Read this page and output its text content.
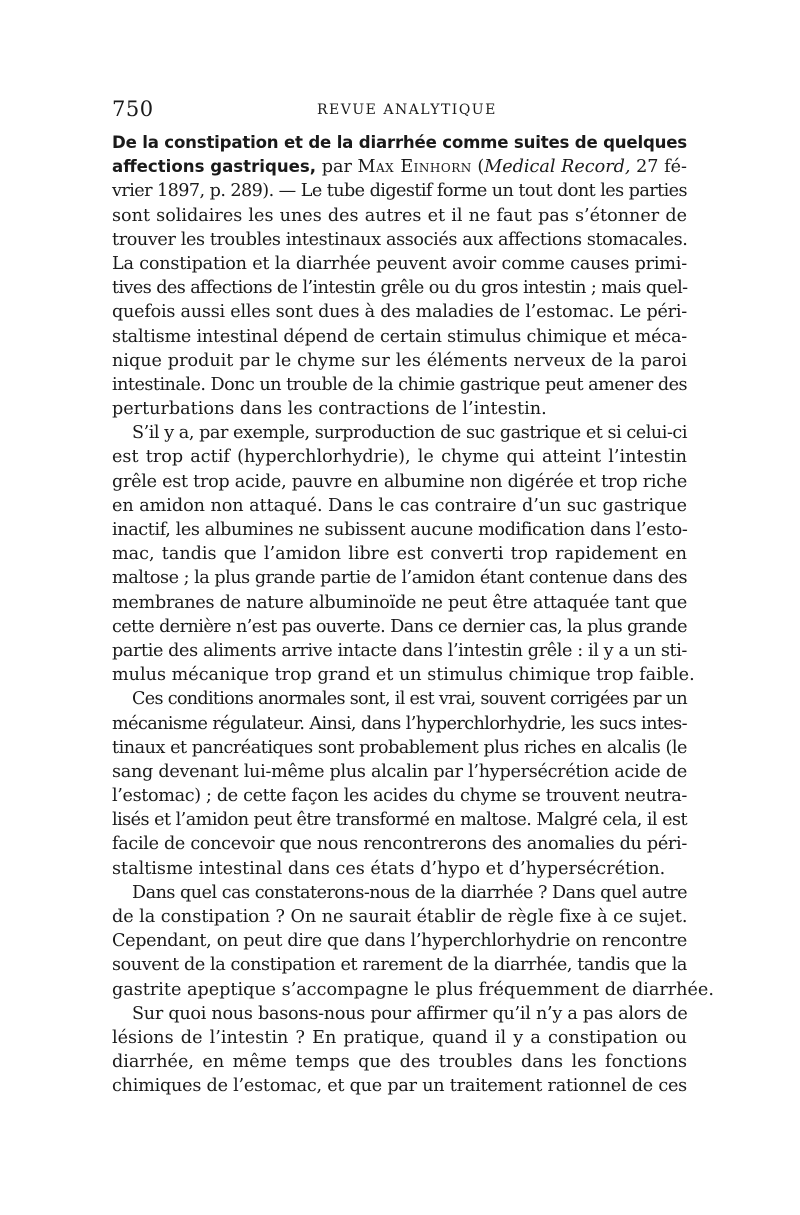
750	REVUE ANALYTIQUE
De la constipation et de la diarrhée comme suites de quelques
affections gastriques, par Max Einhorn (Medical Record, 27 fé-
vrier 1897, p. 289). — Le tube digestif forme un tout dont les parties
sont solidaires les unes des autres et il ne faut pas s’étonner de
trouver les troubles intestinaux associés aux affections stomacales.
La constipation et la diarrhée peuvent avoir comme causes primi-
tives des affections de l’intestin grêle ou du gros intestin ; mais quel-
quefois aussi elles sont dues à des maladies de l’estomac. Le péri-
staltisme intestinal dépend de certain stimulus chimique et méca-
nique produit par le chyme sur les éléments nerveux de la paroi
intestinale. Donc un trouble de la chimie gastrique peut amener des
perturbations dans les contractions de l’intestin.
S’il y a, par exemple, surproduction de suc gastrique et si celui-ci
est trop actif (hyperchlorhydrie), le chyme qui atteint l’intestin
grêle est trop acide, pauvre en albumine non digérée et trop riche
en amidon non attaqué. Dans le cas contraire d’un suc gastrique
inactif, les albumines ne subissent aucune modification dans l’esto-
mac, tandis que l’amidon libre est converti trop rapidement en
maltose ; la plus grande partie de l’amidon étant contenue dans des
membranes de nature albuminoïde ne peut être attaquée tant que
cette dernière n’est pas ouverte. Dans ce dernier cas, la plus grande
partie des aliments arrive intacte dans l’intestin grêle : il y a un sti-
mulus mécanique trop grand et un stimulus chimique trop faible.
Ces conditions anormales sont, il est vrai, souvent corrigées par un
mécanisme régulateur. Ainsi, dans l’hyperchlorhydrie, les sucs intes-
tinaux et pancréatiques sont probablement plus riches en alcalis (le
sang devenant lui-même plus alcalin par l’hypersécrétion acide de
l’estomac) ; de cette façon les acides du chyme se trouvent neutra-
lisés et l’amidon peut être transformé en maltose. Malgré cela, il est
facile de concevoir que nous rencontrerons des anomalies du péri-
staltisme intestinal dans ces états d’hypo et d’hypersécrétion.
Dans quel cas constaterons-nous de la diarrhée ? Dans quel autre
de la constipation ? On ne saurait établir de règle fixe à ce sujet.
Cependant, on peut dire que dans l’hyperchlorhydrie on rencontre
souvent de la constipation et rarement de la diarrhée, tandis que la
gastrite apeptique s’accompagne le plus fréquemment de diarrhée.
Sur quoi nous basons-nous pour affirmer qu’il n’y a pas alors de
lésions de l’intestin ? En pratique, quand il y a constipation ou
diarrhée, en même temps que des troubles dans les fonctions
chimiques de l’estomac, et que par un traitement rationnel de ces
